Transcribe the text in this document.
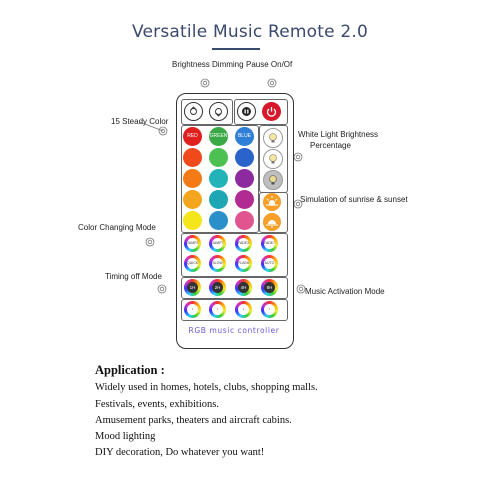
Versatile Music Remote 2.0
Brightness Dimming Pause On/Of
15 Steady Color
White Light Brightness
Percentage
Simulation of sunrise & sunset
Color Changing Mode
Timing off Mode
Music Activation Mode
RED	GREEN	BLUE
JUMP3	JUMP7	FADE3	FADE7
QUICK	SLOW	FLASH	AUTO
1H	2H	4H	8H
♪	♪	♪	♪
RGB music controller
Application :
Widely used in homes, hotels, clubs, shopping malls.
Festivals, events, exhibitions.
Amusement parks, theaters and aircraft cabins.
Mood lighting
DIY decoration, Do whatever you want!
